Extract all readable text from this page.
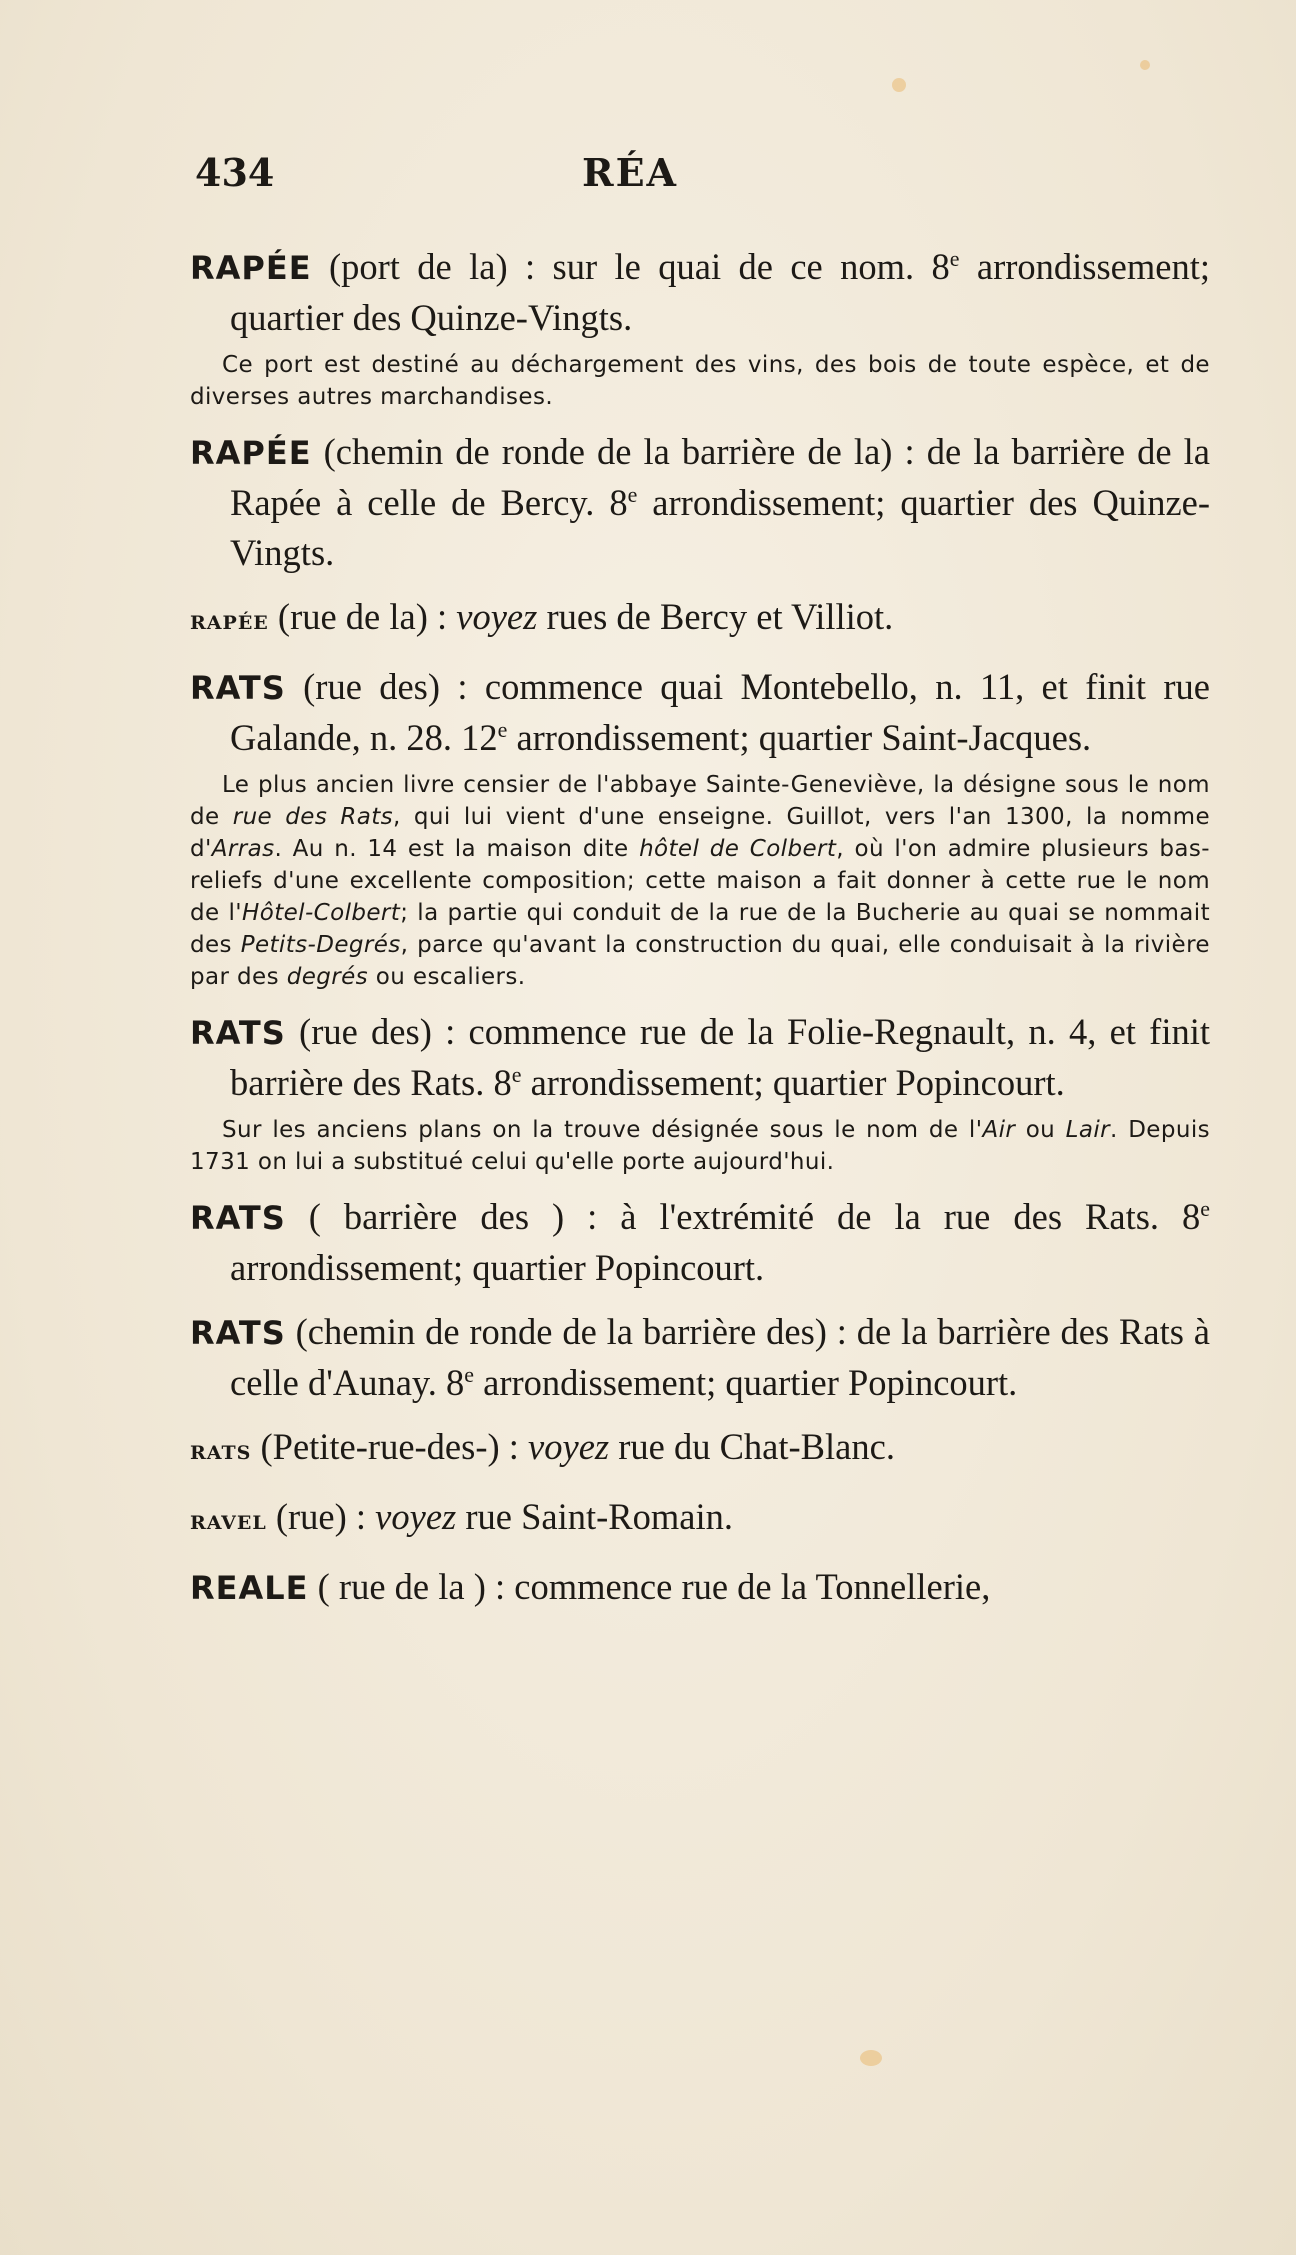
434	RÉA
RAPÉE (port de la) : sur le quai de ce nom. 8e arrondissement; quartier des Quinze-Vingts.
Ce port est destiné au déchargement des vins, des bois de toute espèce, et de diverses autres marchandises.
RAPÉE (chemin de ronde de la barrière de la) : de la barrière de la Rapée à celle de Bercy. 8e arrondissement; quartier des Quinze-Vingts.
RAPÉE (rue de la) : voyez rues de Bercy et Villiot.
RATS (rue des) : commence quai Montebello, n. 11, et finit rue Galande, n. 28. 12e arrondissement; quartier Saint-Jacques.
Le plus ancien livre censier de l'abbaye Sainte-Geneviève, la désigne sous le nom de rue des Rats, qui lui vient d'une enseigne. Guillot, vers l'an 1300, la nomme d'Arras. Au n. 14 est la maison dite hôtel de Colbert, où l'on admire plusieurs bas-reliefs d'une excellente composition; cette maison a fait donner à cette rue le nom de l'Hôtel-Colbert; la partie qui conduit de la rue de la Bucherie au quai se nommait des Petits-Degrés, parce qu'avant la construction du quai, elle conduisait à la rivière par des degrés ou escaliers.
RATS (rue des) : commence rue de la Folie-Regnault, n. 4, et finit barrière des Rats. 8e arrondissement; quartier Popincourt.
Sur les anciens plans on la trouve désignée sous le nom de l'Air ou Lair. Depuis 1731 on lui a substitué celui qu'elle porte aujourd'hui.
RATS ( barrière des ) : à l'extrémité de la rue des Rats. 8e arrondissement; quartier Popincourt.
RATS (chemin de ronde de la barrière des) : de la barrière des Rats à celle d'Aunay. 8e arrondissement; quartier Popincourt.
RATS (Petite-rue-des-) : voyez rue du Chat-Blanc.
RAVEL (rue) : voyez rue Saint-Romain.
REALE ( rue de la ) : commence rue de la Tonnellerie,
